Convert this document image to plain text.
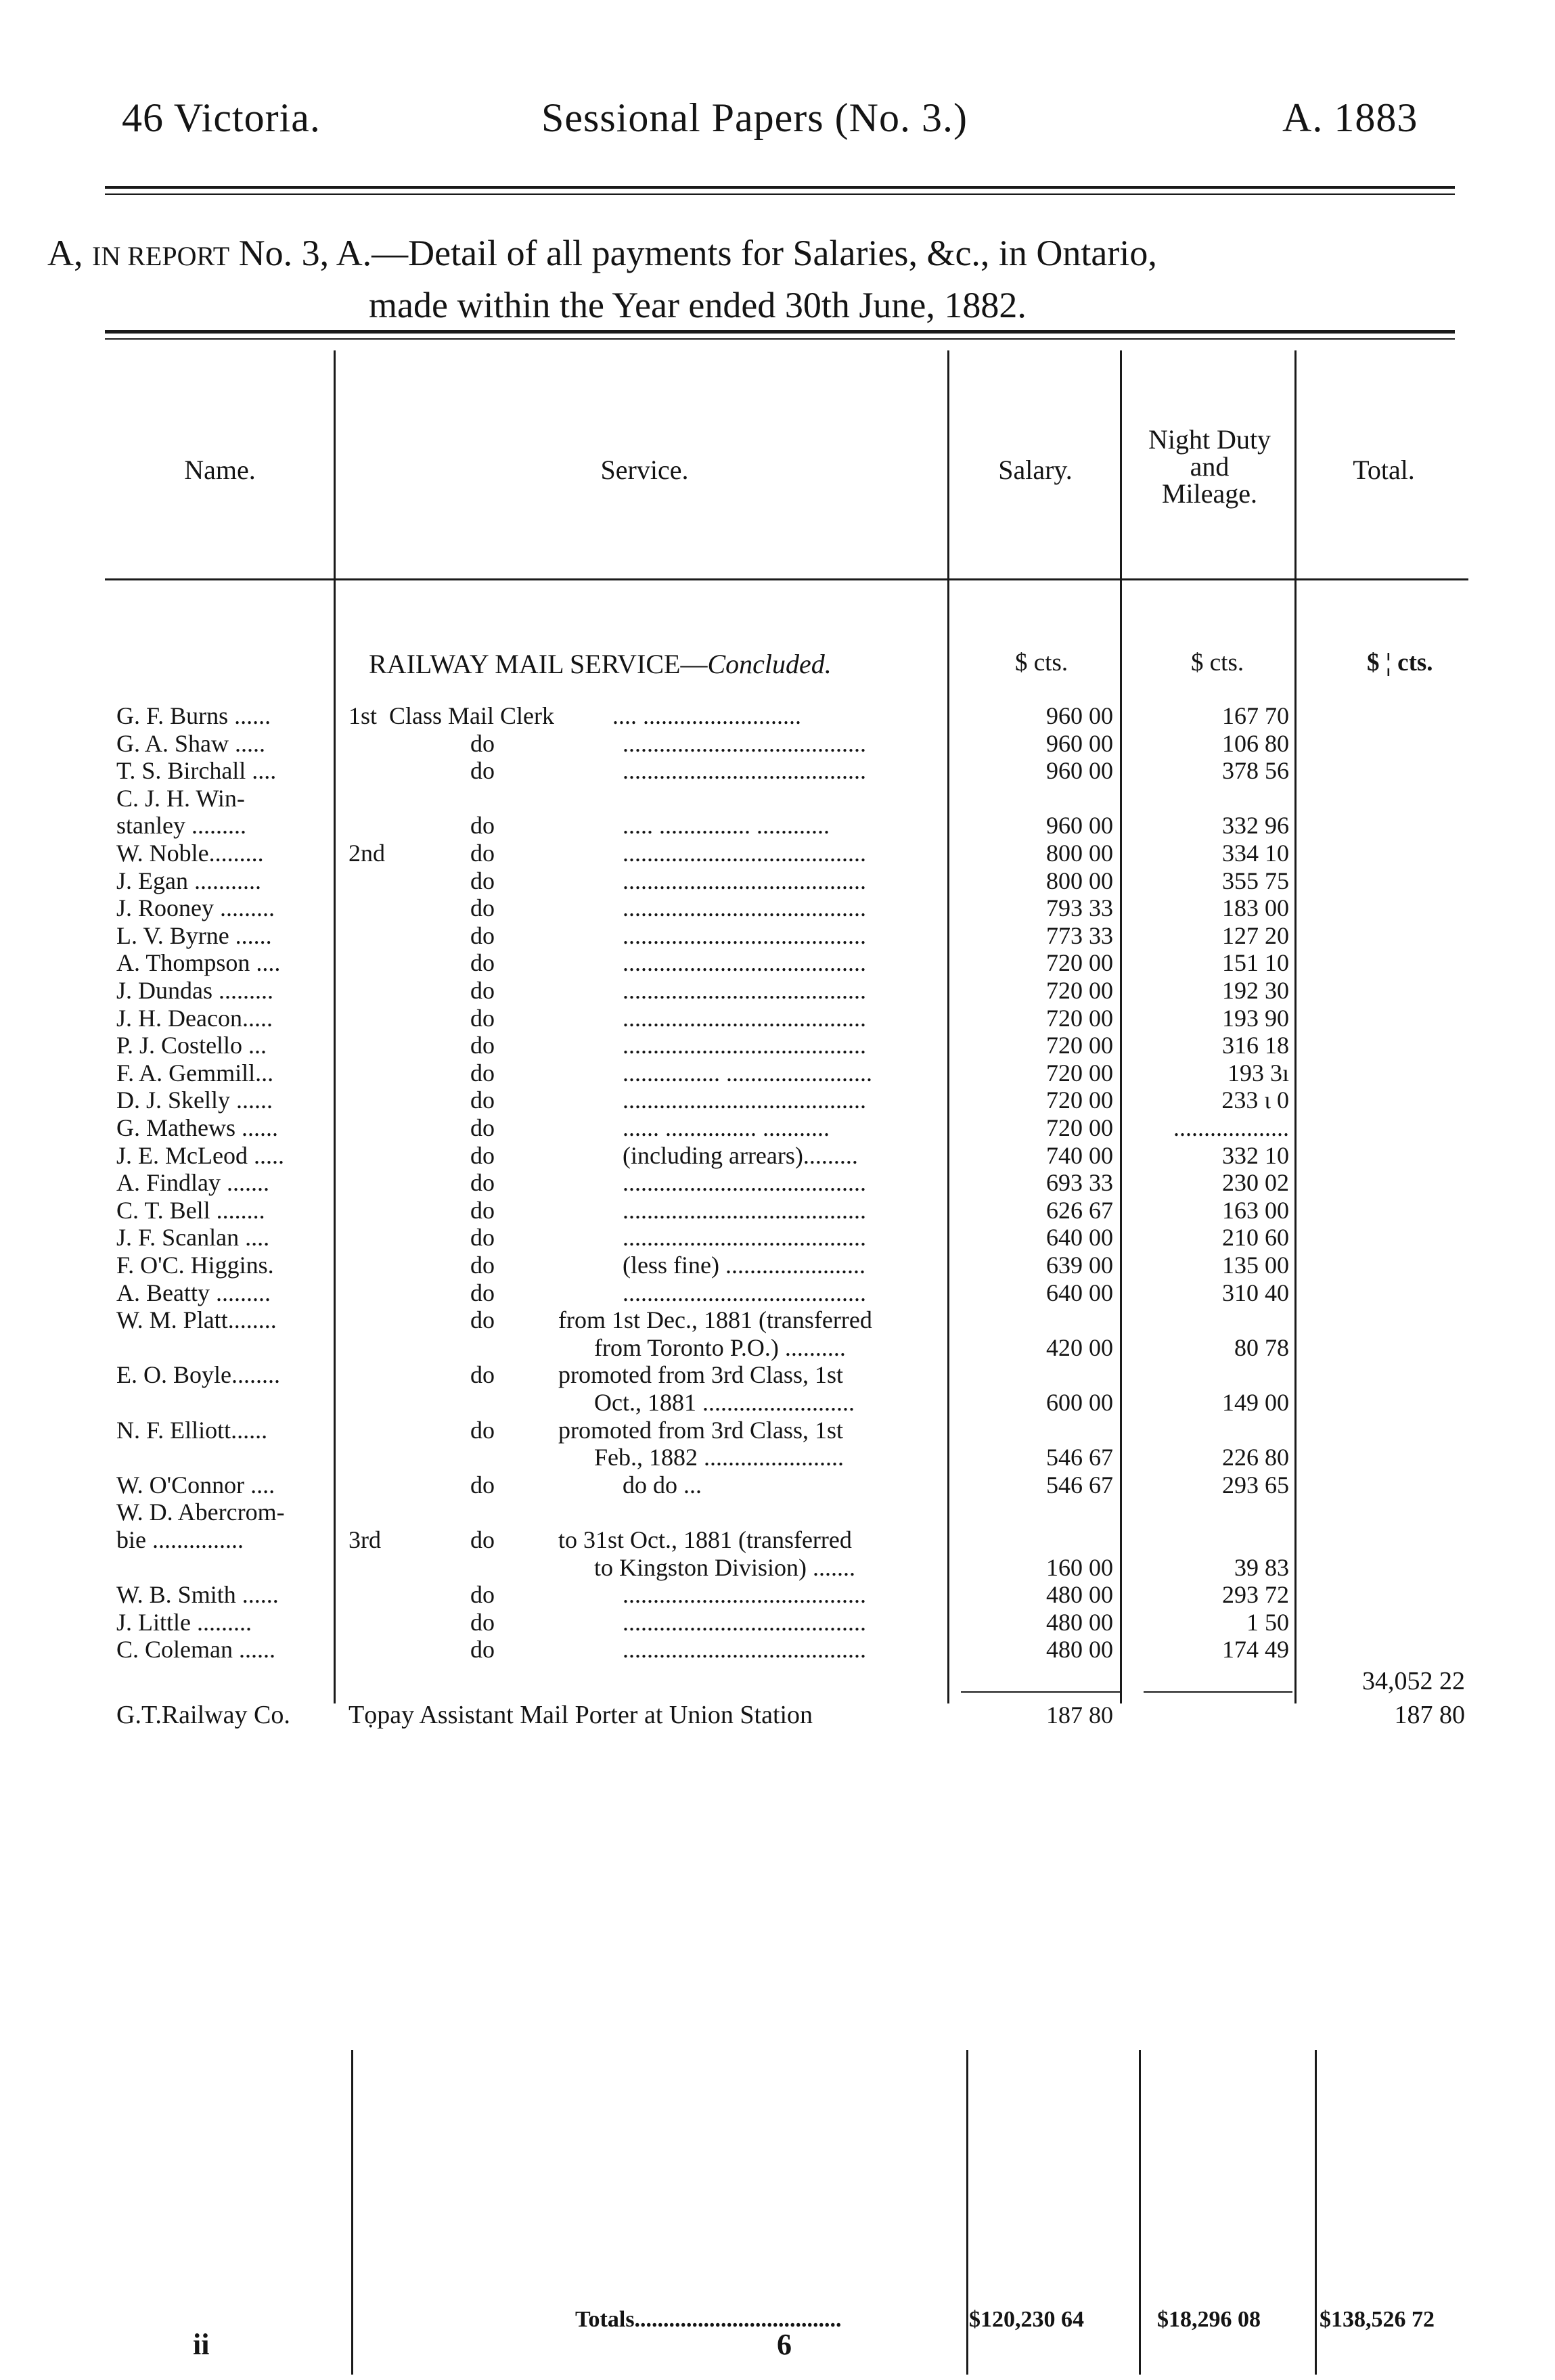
46 Victoria.	Sessional Papers (No. 3.)	A. 1883
A, IN REPORT No. 3, A.—Detail of all payments for Salaries, &c., in Ontario,
made within the Year ended 30th June, 1882.
Name.	Service.	Salary.
Night Duty
and
Mileage.
Total.
RAILWAY MAIL SERVICE—Concluded.	$ cts.	$ cts.	$ ¦ cts.
G. F. Burns ......	1st Class Mail Clerk .... ..........................	960 00	167 70
G. A. Shaw .....	do	........................................	960 00	106 80
T. S. Birchall ....	do	........................................	960 00	378 56
C. J. H. Win-
stanley .........	do	..... ............... ............	960 00	332 96
W. Noble.........	2nd	do	........................................	800 00	334 10
J. Egan ...........	do	........................................	800 00	355 75
J. Rooney .........	do	........................................	793 33	183 00
L. V. Byrne ......	do	........................................	773 33	127 20
A. Thompson ....	do	........................................	720 00	151 10
J. Dundas .........	do	........................................	720 00	192 30
J. H. Deacon.....	do	........................................	720 00	193 90
P. J. Costello ...	do	........................................	720 00	316 18
F. A. Gemmill...	do	................ ........................	720 00	193 3ı
D. J. Skelly ......	do	........................................	720 00	233 ι 0
G. Mathews ......	do	...... ............... ...........	720 00	...................
J. E. McLeod .....	do	(including arrears).........	740 00	332 10
A. Findlay .......	do	........................................	693 33	230 02
C. T. Bell ........	do	........................................	626 67	163 00
J. F. Scanlan ....	do	........................................	640 00	210 60
F. O'C. Higgins.	do	(less fine) .......................	639 00	135 00
A. Beatty .........	do	........................................	640 00	310 40
W. M. Platt........	do	from 1st Dec., 1881 (transferred
from Toronto P.O.) ..........	420 00	80 78
E. O. Boyle........	do	promoted from 3rd Class, 1st
Oct., 1881 .........................	600 00	149 00
N. F. Elliott......	do	promoted from 3rd Class, 1st
Feb., 1882 .......................	546 67	226 80
W. O'Connor ....	do	do do ...	546 67	293 65
W. D. Abercrom-
bie ...............	3rd	do	to 31st Oct., 1881 (transferred
to Kingston Division) .......	160 00	39 83
W. B. Smith ......	do	........................................	480 00	293 72
J. Little .........	do	........................................	480 00	1 50
C. Coleman ......	do	........................................	480 00	174 49
34,052 22
G.T.Railway Co. Tọpay Assistant Mail Porter at Union Station	187 80	187 80
ii
Totals....................................
6
$120,230 64	$18,296 08	$138,526 72
